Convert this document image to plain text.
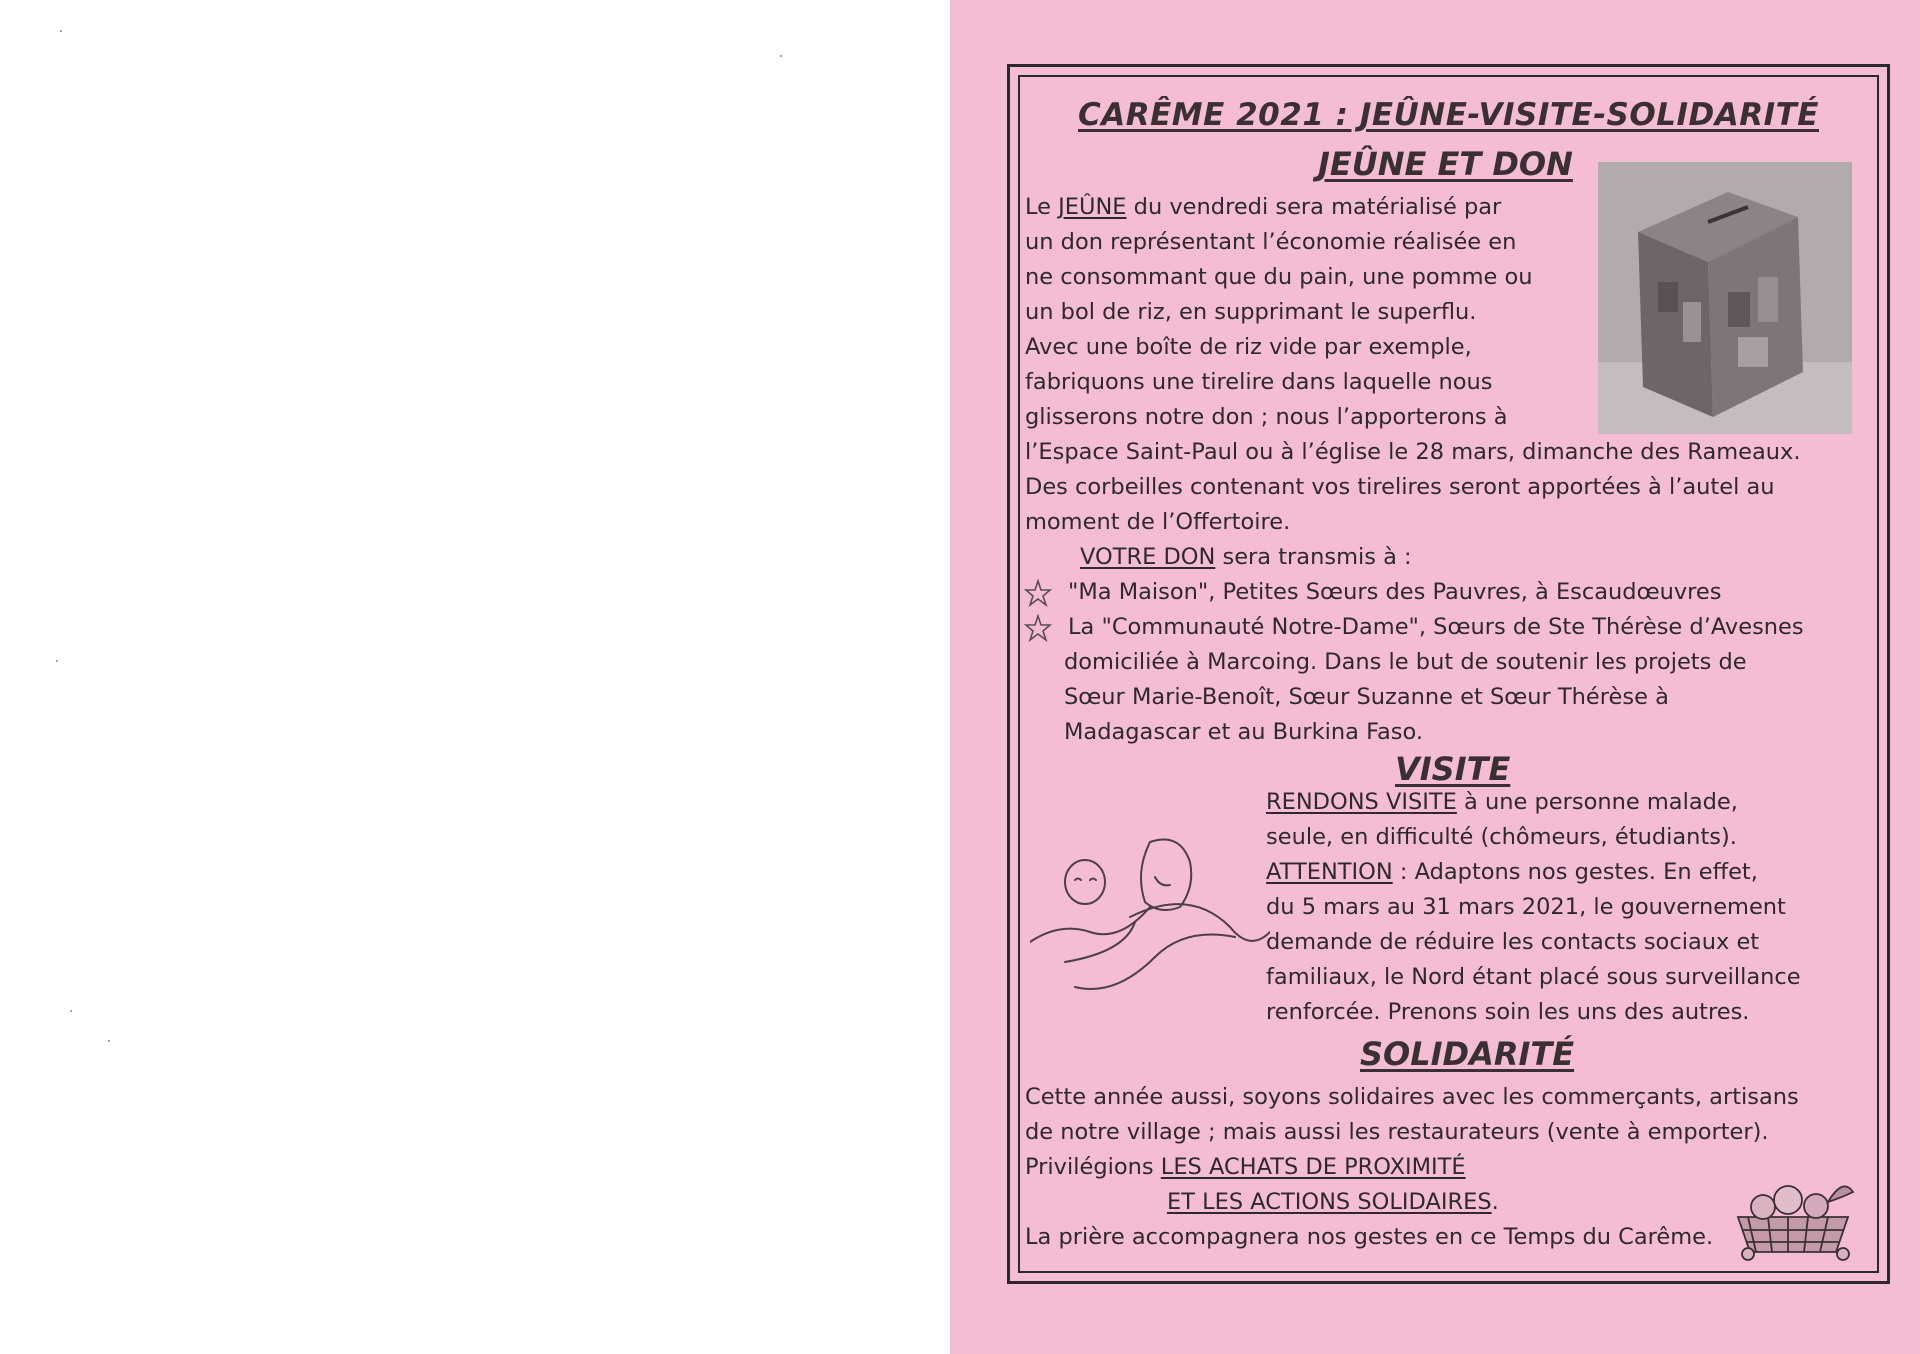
CARÊME 2021 : JEÛNE-VISITE-SOLIDARITÉ
JEÛNE ET DON
Le JEÛNE du vendredi sera matérialisé par
un don représentant l’économie réalisée en
ne consommant que du pain, une pomme ou
un bol de riz, en supprimant le superflu.
Avec une boîte de riz vide par exemple,
fabriquons une tirelire dans laquelle nous
glisserons notre don ; nous l’apporterons à
l’Espace Saint-Paul ou à l’église le 28 mars, dimanche des Rameaux.
Des corbeilles contenant vos tirelires seront apportées à l’autel au
moment de l’Offertoire.
VOTRE DON sera transmis à :
"Ma Maison", Petites Sœurs des Pauvres, à Escaudœuvres
La "Communauté Notre-Dame", Sœurs de Ste Thérèse d’Avesnes
domiciliée à Marcoing. Dans le but de soutenir les projets de
Sœur Marie-Benoît, Sœur Suzanne et Sœur Thérèse à
Madagascar et au Burkina Faso.
VISITE
RENDONS VISITE à une personne malade,
seule, en difficulté (chômeurs, étudiants).
ATTENTION : Adaptons nos gestes. En effet,
du 5 mars au 31 mars 2021, le gouvernement
demande de réduire les contacts sociaux et
familiaux, le Nord étant placé sous surveillance
renforcée. Prenons soin les uns des autres.
SOLIDARITÉ
Cette année aussi, soyons solidaires avec les commerçants, artisans
de notre village ; mais aussi les restaurateurs (vente à emporter).
Privilégions LES ACHATS DE PROXIMITÉ
ET LES ACTIONS SOLIDAIRES.
La prière accompagnera nos gestes en ce Temps du Carême.
